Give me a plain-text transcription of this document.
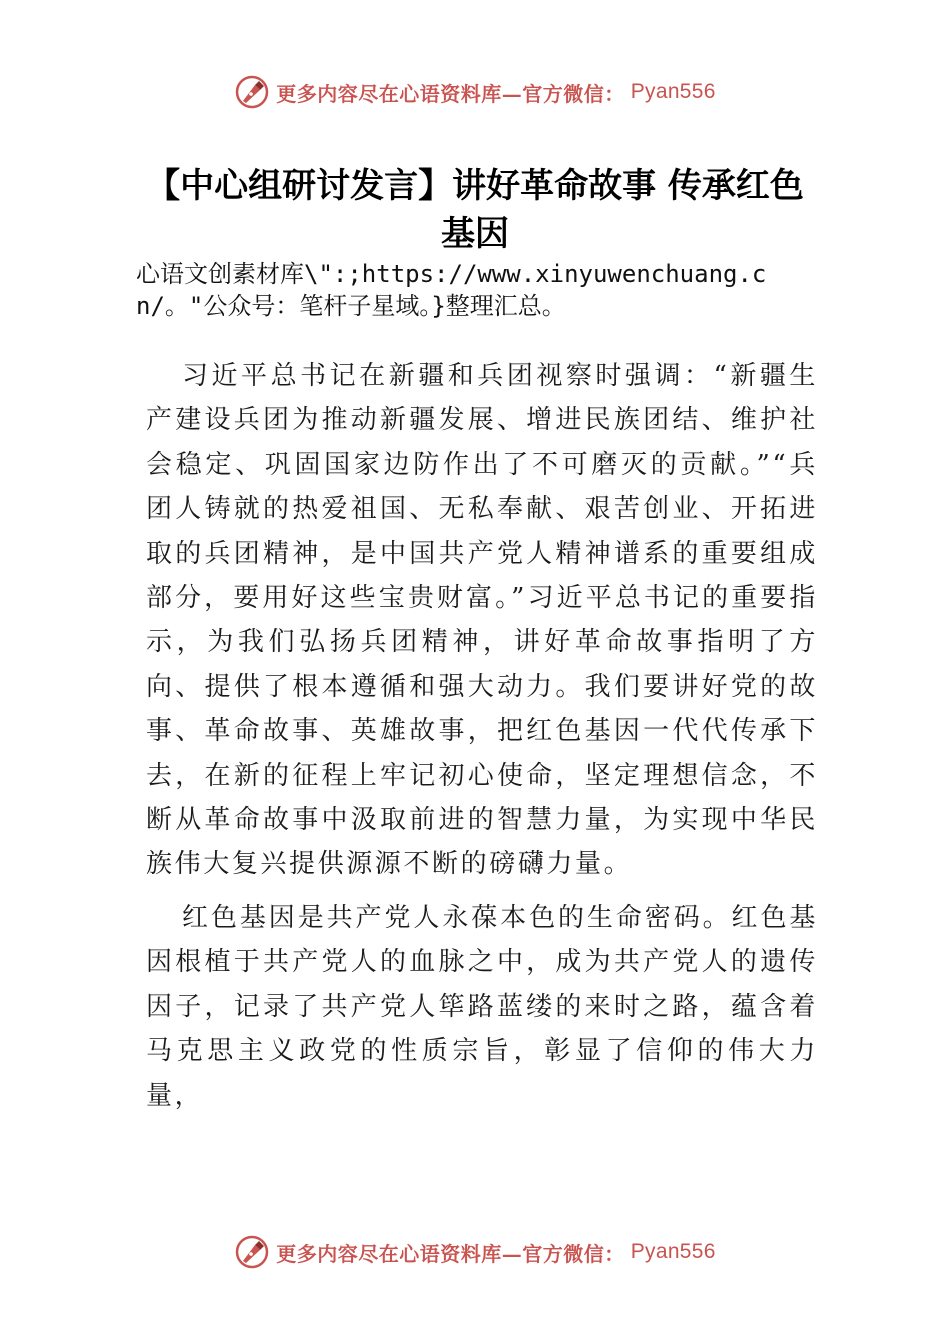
更多内容尽在心语资料库—官方微信： Pyan556
【中心组研讨发言】讲好革命故事 传承红色基因

心语文创素材库\":;https://www.xinyuwenchuang.cn/。"公众号：笔杆子星域。}整理汇总。

习近平总书记在新疆和兵团视察时强调：“新疆生产建设兵团为推动新疆发展、增进民族团结、维护社会稳定、巩固国家边防作出了不可磨灭的贡献。”“兵团人铸就的热爱祖国、无私奉献、艰苦创业、开拓进取的兵团精神，是中国共产党人精神谱系的重要组成部分，要用好这些宝贵财富。”习近平总书记的重要指示，为我们弘扬兵团精神，讲好革命故事指明了方向、提供了根本遵循和强大动力。我们要讲好党的故事、革命故事、英雄故事，把红色基因一代代传承下去，在新的征程上牢记初心使命，坚定理想信念，不断从革命故事中汲取前进的智慧力量，为实现中华民族伟大复兴提供源源不断的磅礴力量。

红色基因是共产党人永葆本色的生命密码。红色基因根植于共产党人的血脉之中，成为共产党人的遗传因子，记录了共产党人筚路蓝缕的来时之路，蕴含着马克思主义政党的性质宗旨，彰显了信仰的伟大力量，

更多内容尽在心语资料库—官方微信： Pyan556
